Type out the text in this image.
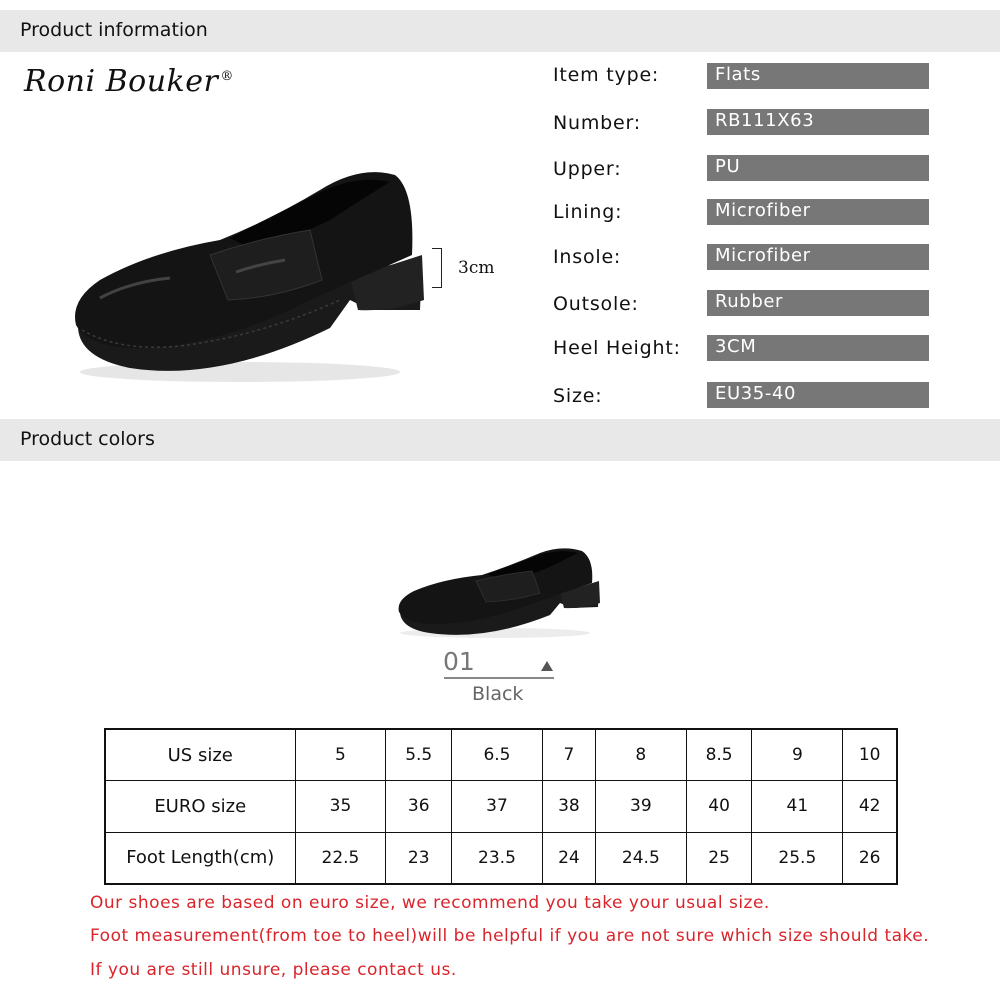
Product information
Roni Bouker ®
3cm
Item type:	Flats
Number:	RB111X63
Upper:	PU
Lining:	Microfiber
Insole:	Microfiber
Outsole:	Rubber
Heel Height:	3CM
Size:	EU35-40
Product colors
01
Black
US size	5	5.5	6.5	7	8	8.5	9	10
EURO size	35	36	37	38	39	40	41	42
Foot Length(cm)	22.5	23	23.5	24	24.5	25	25.5	26
Our shoes are based on euro size, we recommend you take your usual size.
Foot measurement(from toe to heel)will be helpful if you are not sure which size should take.
If you are still unsure, please contact us.
